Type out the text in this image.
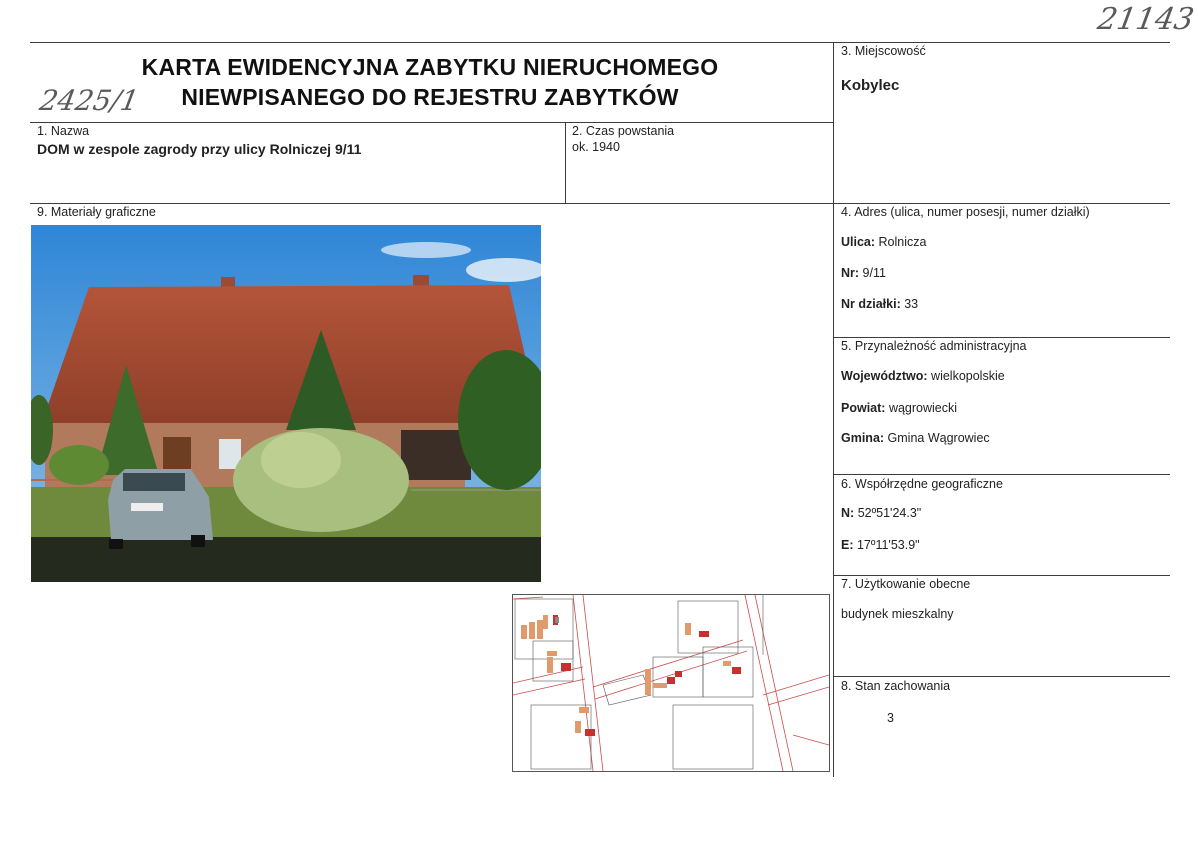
21143
2425/1
KARTA EWIDENCYJNA ZABYTKU NIERUCHOMEGO
NIEWPISANEGO DO REJESTRU ZABYTKÓW
1. Nazwa
DOM w zespole zagrody przy ulicy Rolniczej 9/11
2. Czas powstania
ok. 1940
3. Miejscowość
Kobylec
9. Materiały graficzne	4. Adres (ulica, numer posesji, numer działki)
Ulica: Rolnicza
Nr: 9/11
Nr działki: 33
5. Przynależność administracyjna
Województwo: wielkopolskie
Powiat: wągrowiecki
Gmina: Gmina Wągrowiec
6. Współrzędne geograficzne
N: 52º51'24.3"
E: 17º11'53.9"
7. Użytkowanie obecne
budynek mieszkalny
8. Stan zachowania
3
